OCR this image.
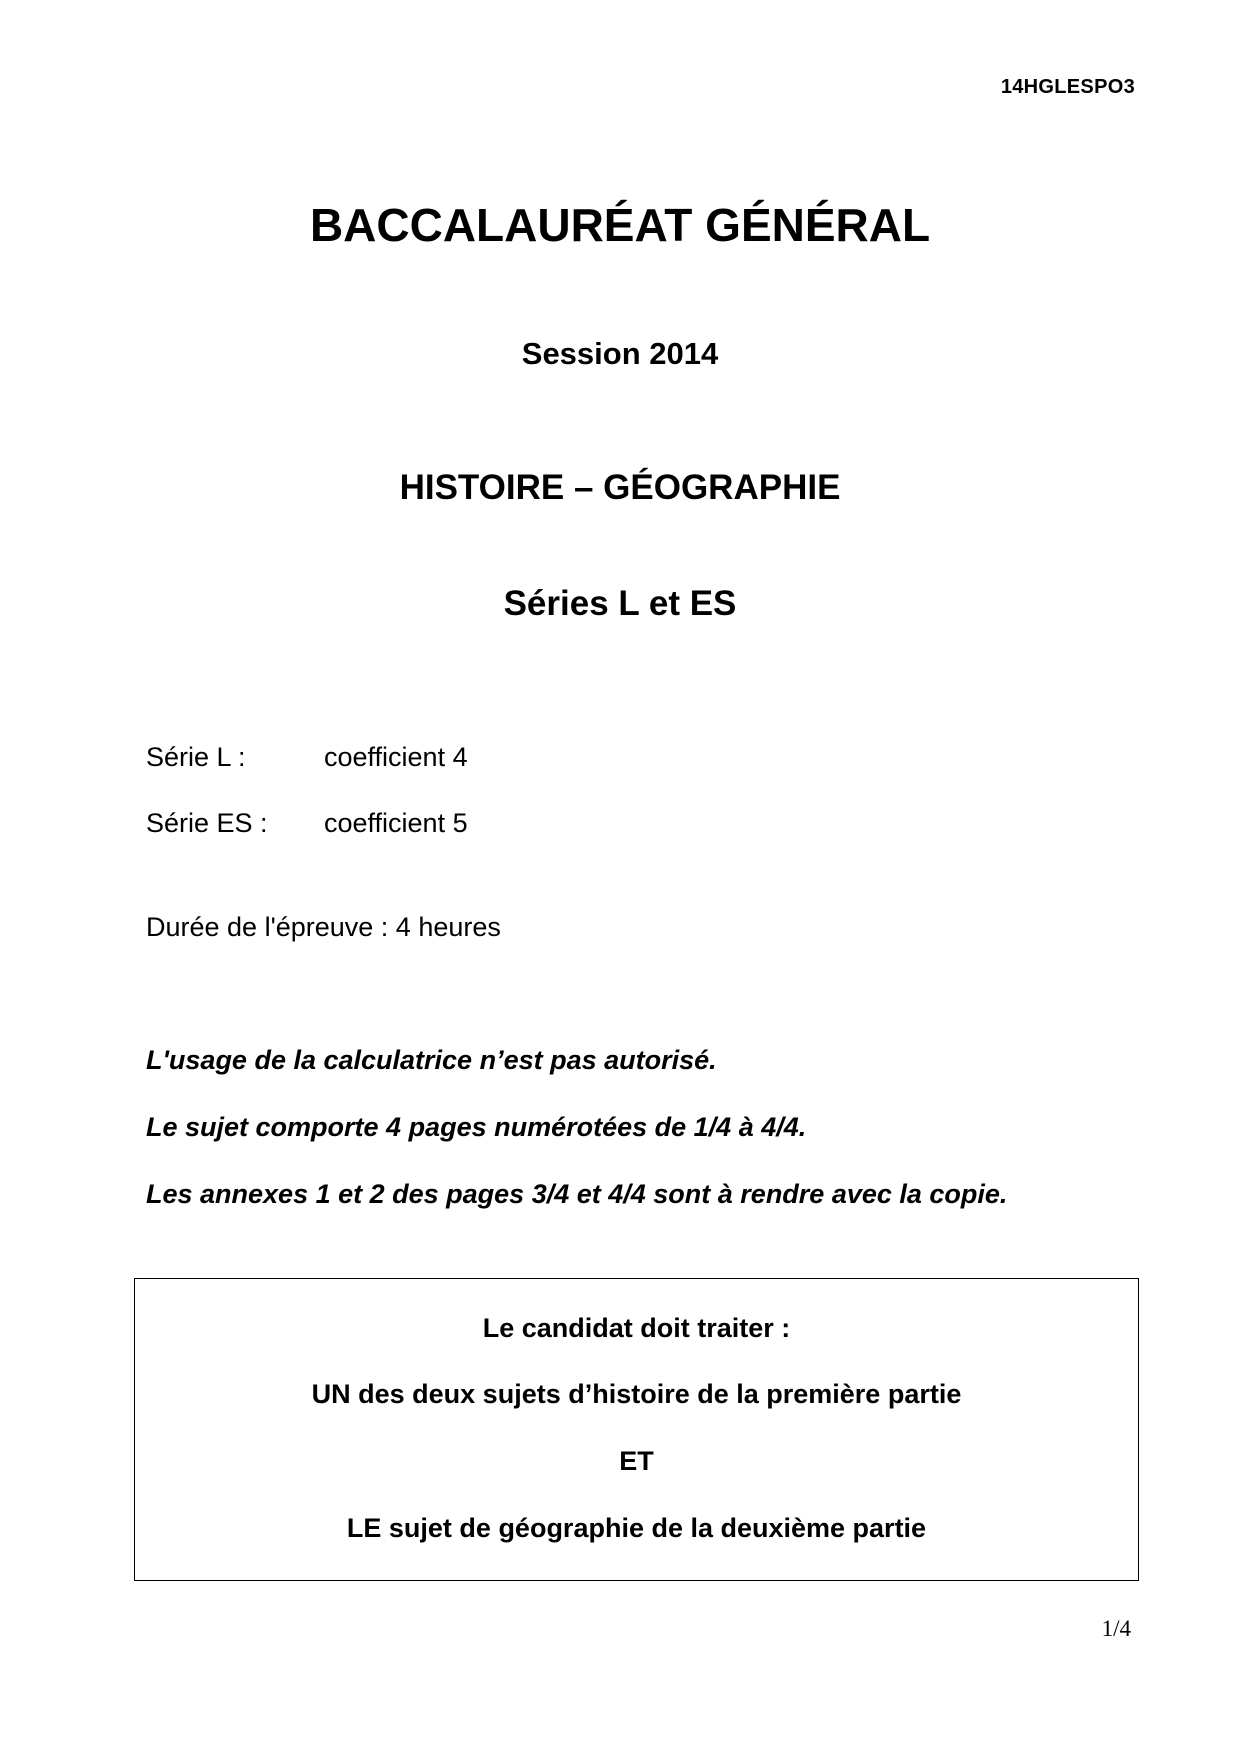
14HGLESPO3
BACCALAURÉAT GÉNÉRAL
Session 2014
HISTOIRE – GÉOGRAPHIE
Séries L et ES
Série L :	coefficient 4
Série ES : coefficient 5
Durée de l'épreuve : 4 heures
L'usage de la calculatrice n’est pas autorisé.
Le sujet comporte 4 pages numérotées de 1/4 à 4/4.
Les annexes 1 et 2 des pages 3/4 et 4/4 sont à rendre avec la copie.
Le candidat doit traiter :
UN des deux sujets d’histoire de la première partie
ET
LE sujet de géographie de la deuxième partie
1/4
